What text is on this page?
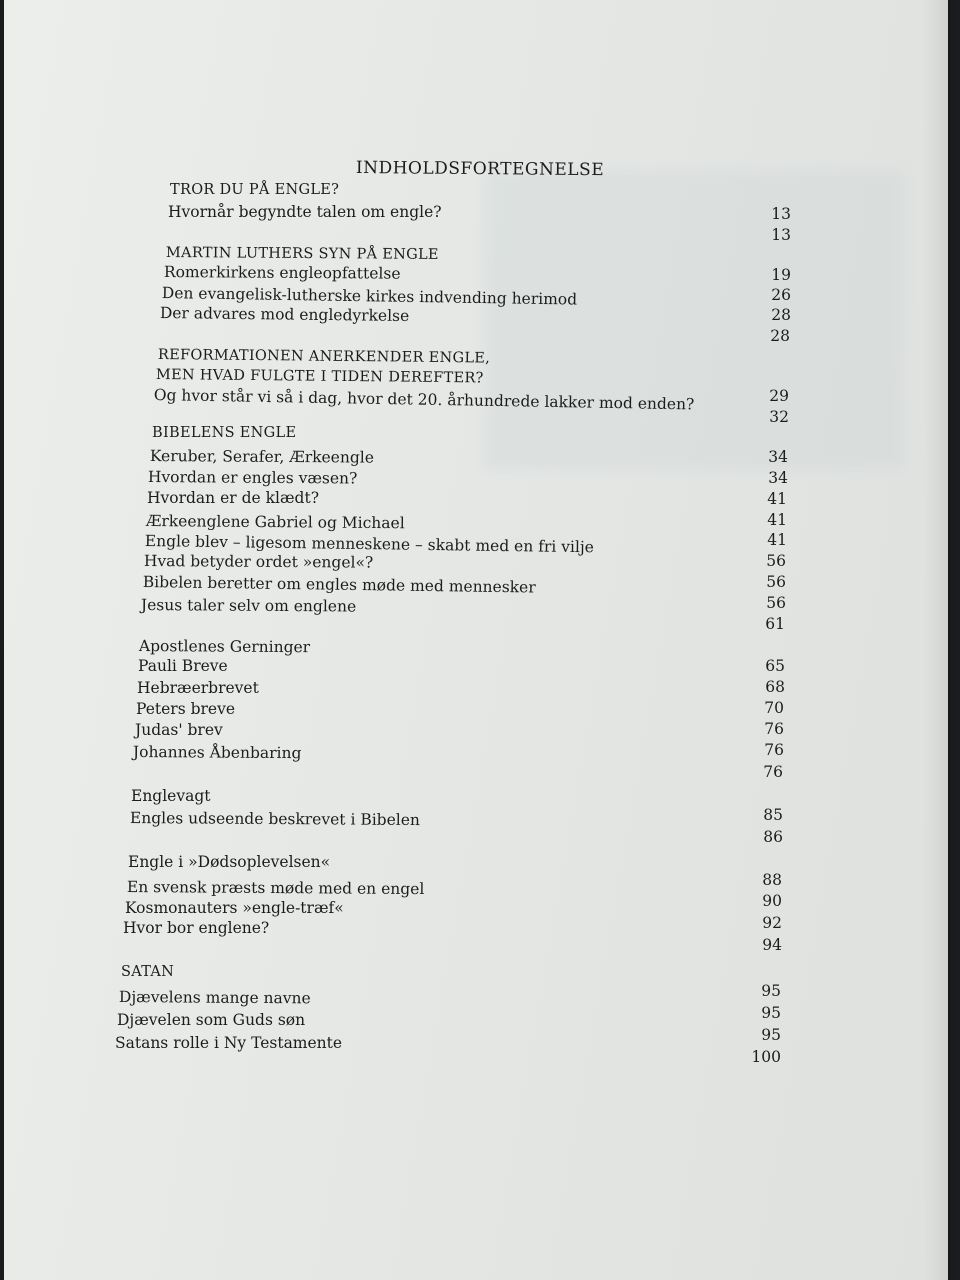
INDHOLDSFORTEGNELSE
TROR DU PÅ ENGLE?
Hvornår begyndte talen om engle?
MARTIN LUTHERS SYN PÅ ENGLE
Romerkirkens engleopfattelse
Den evangelisk-lutherske kirkes indvending herimod
Der advares mod engledyrkelse
REFORMATIONEN ANERKENDER ENGLE,
MEN HVAD FULGTE I TIDEN DEREFTER?
Og hvor står vi så i dag, hvor det 20. århundrede lakker mod enden?
BIBELENS ENGLE
Keruber, Serafer, Ærkeengle
Hvordan er engles væsen?
Hvordan er de klædt?
Ærkeenglene Gabriel og Michael
Engle blev – ligesom menneskene – skabt med en fri vilje
Hvad betyder ordet »engel«?
Bibelen beretter om engles møde med mennesker
Jesus taler selv om englene
Apostlenes Gerninger
Pauli Breve
Hebræerbrevet
Peters breve
Judas' brev
Johannes Åbenbaring
Englevagt
Engles udseende beskrevet i Bibelen
Engle i »Dødsoplevelsen«
En svensk præsts møde med en engel
Kosmonauters »engle-træf«
Hvor bor englene?
SATAN
Djævelens mange navne
Djævelen som Guds søn
Satans rolle i Ny Testamente
13
13
19
26
28
28
29
32
34
34
41
41
41
56
56
56
61
65
68
70
76
76
76
85
86
88
90
92
94
95
95
95
100
